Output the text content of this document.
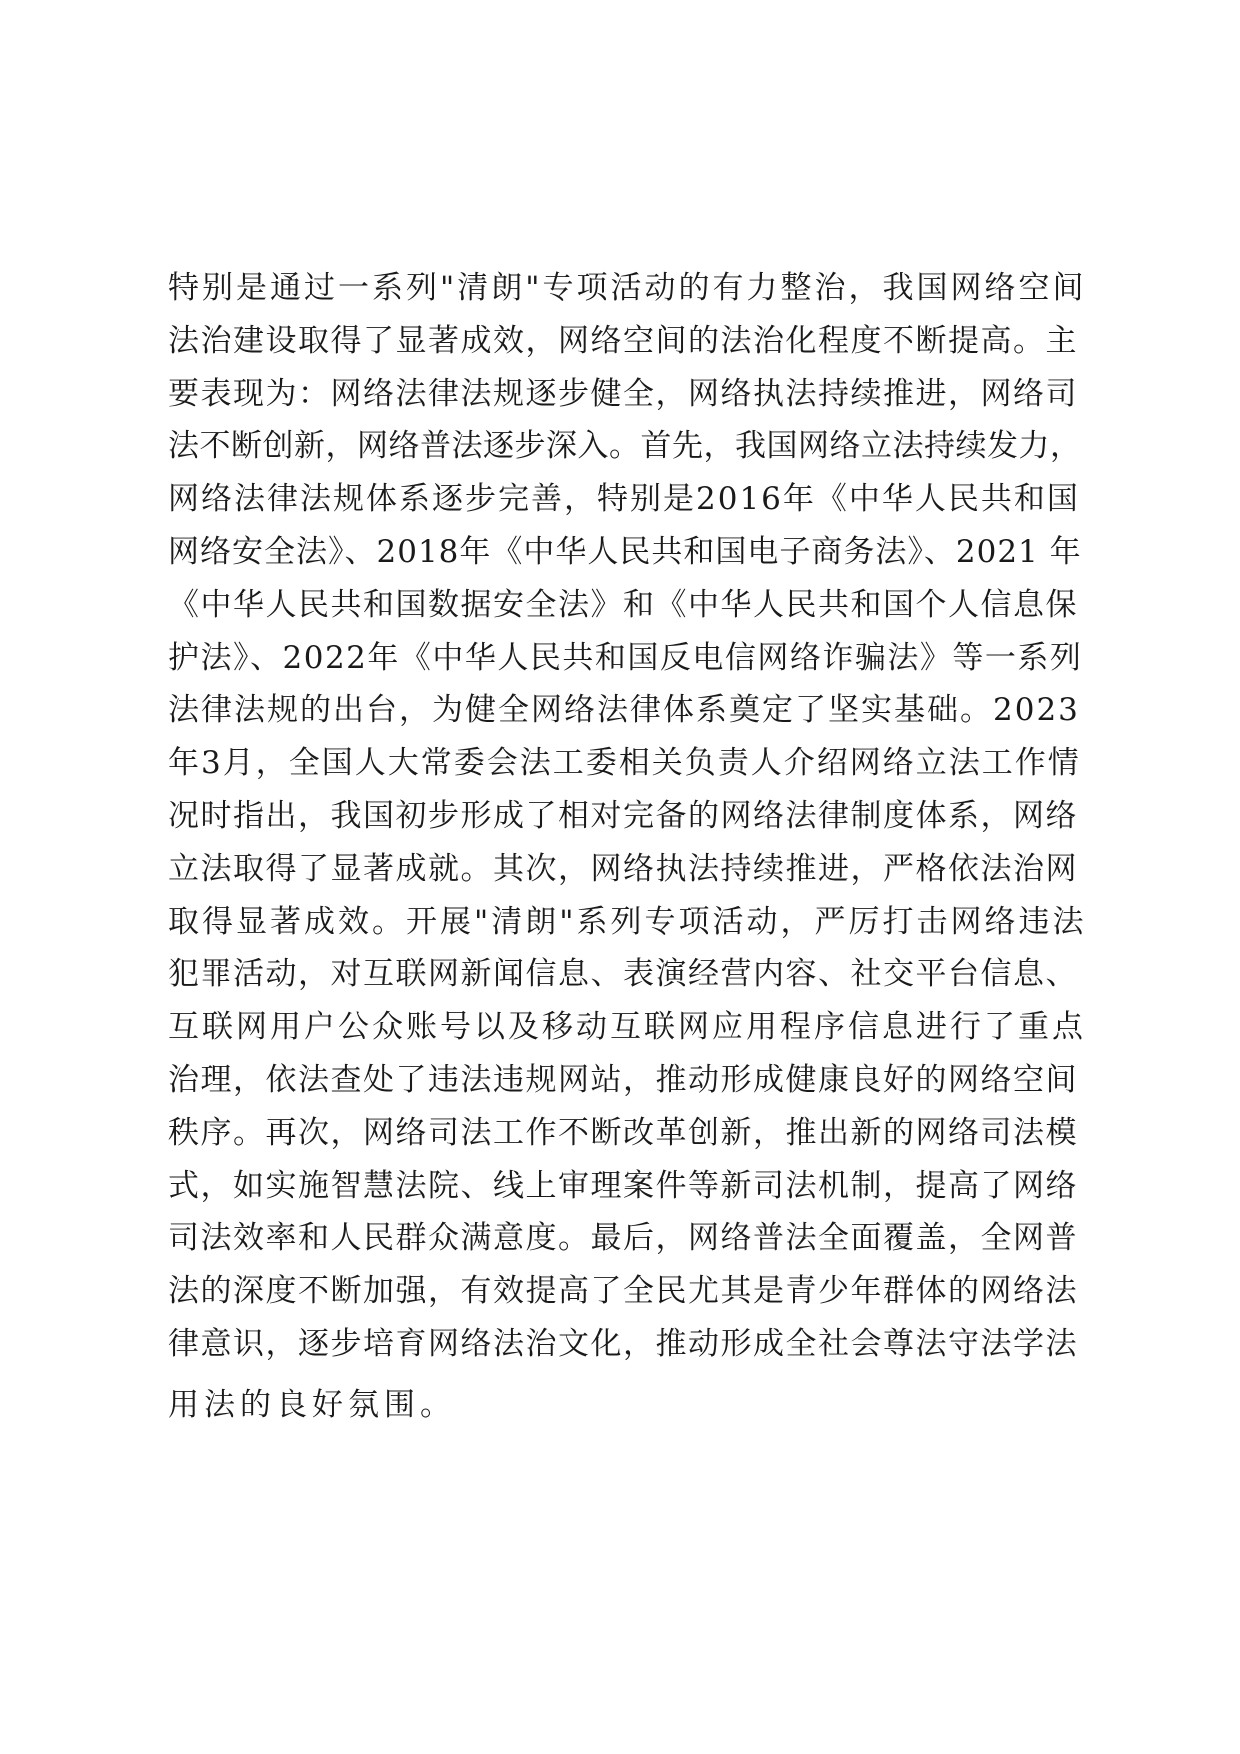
特别是通过一系列"清朗"专项活动的有力整治，我国网络空间
法治建设取得了显著成效，网络空间的法治化程度不断提高。主
要表现为：网络法律法规逐步健全，网络执法持续推进，网络司
法不断创新，网络普法逐步深入。首先，我国网络立法持续发力，
网络法律法规体系逐步完善，特别是2016年《中华人民共和国
网络安全法》、2018年《中华人民共和国电子商务法》、2021 年
《中华人民共和国数据安全法》和《中华人民共和国个人信息保
护法》、2022年《中华人民共和国反电信网络诈骗法》等一系列
法律法规的出台，为健全网络法律体系奠定了坚实基础。2023
年3月，全国人大常委会法工委相关负责人介绍网络立法工作情
况时指出，我国初步形成了相对完备的网络法律制度体系，网络
立法取得了显著成就。其次，网络执法持续推进，严格依法治网
取得显著成效。开展"清朗"系列专项活动，严厉打击网络违法
犯罪活动，对互联网新闻信息、表演经营内容、社交平台信息、
互联网用户公众账号以及移动互联网应用程序信息进行了重点
治理，依法查处了违法违规网站，推动形成健康良好的网络空间
秩序。再次，网络司法工作不断改革创新，推出新的网络司法模
式，如实施智慧法院、线上审理案件等新司法机制，提高了网络
司法效率和人民群众满意度。最后，网络普法全面覆盖，全网普
法的深度不断加强，有效提高了全民尤其是青少年群体的网络法
律意识，逐步培育网络法治文化，推动形成全社会尊法守法学法
用法的良好氛围。
